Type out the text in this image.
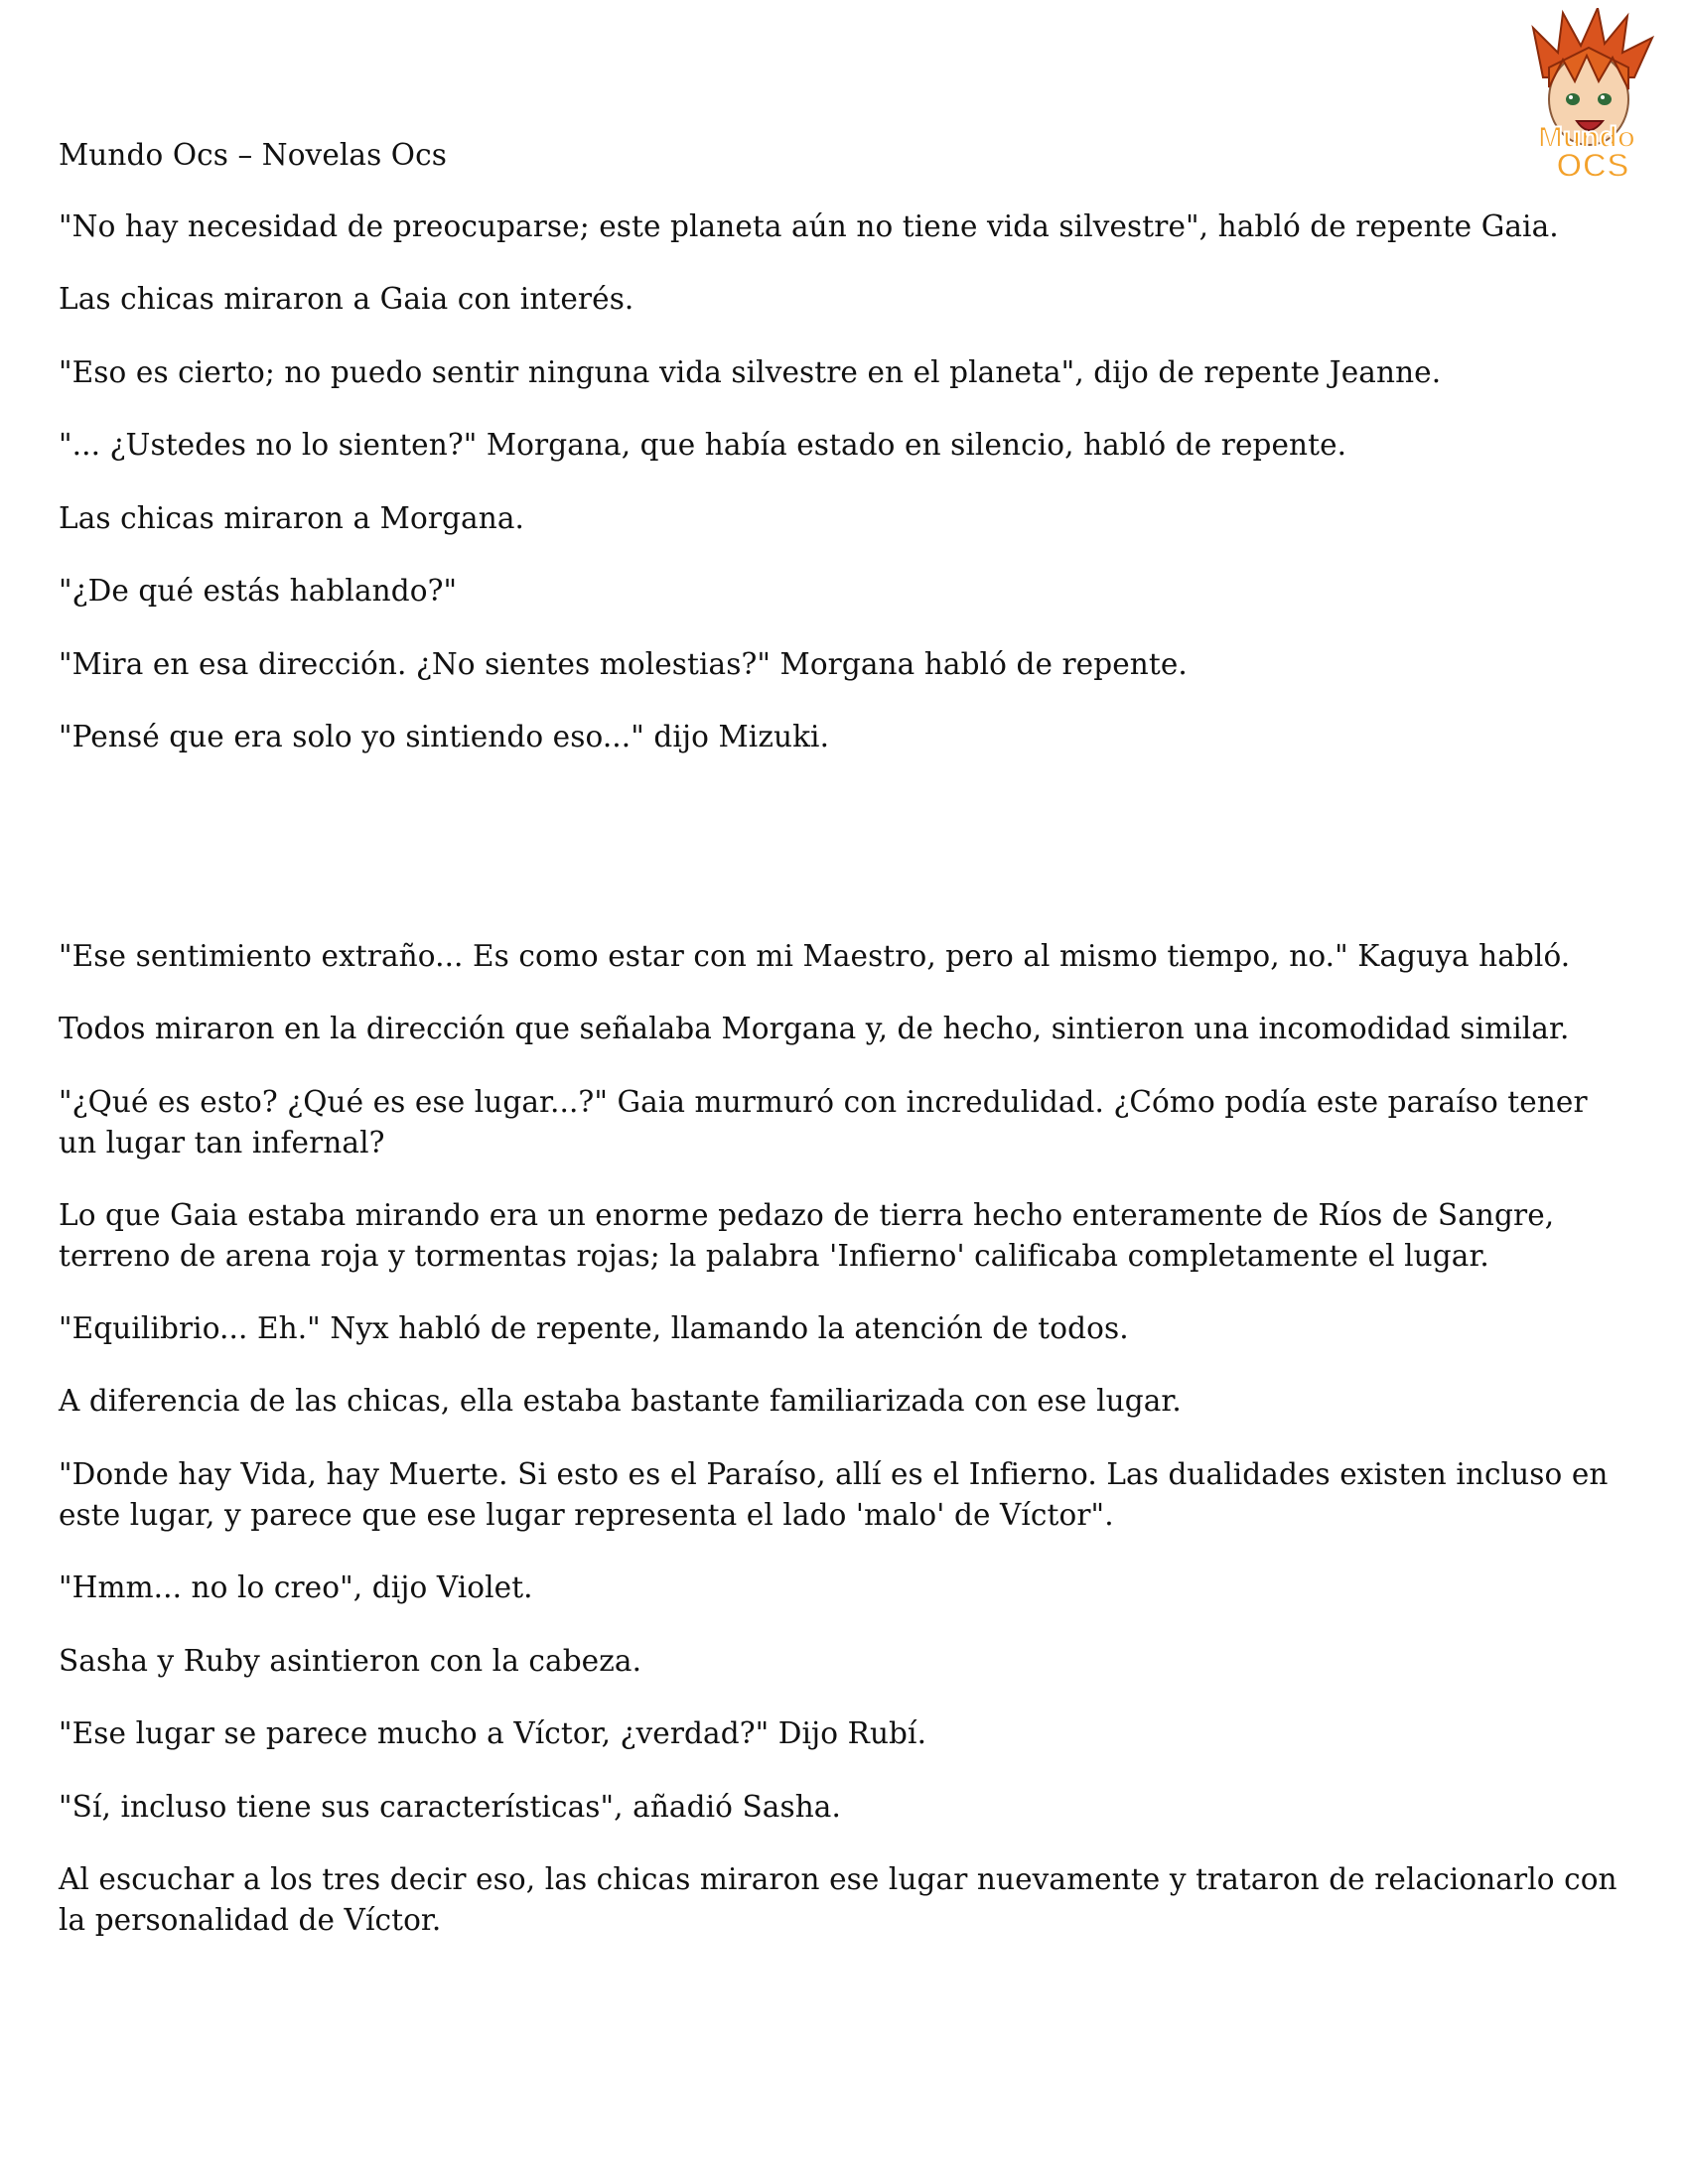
Mundo
OCS
Mundo Ocs – Novelas Ocs
"No hay necesidad de preocuparse; este planeta aún no tiene vida silvestre", habló de repente Gaia.
Las chicas miraron a Gaia con interés.
"Eso es cierto; no puedo sentir ninguna vida silvestre en el planeta", dijo de repente Jeanne.
"... ¿Ustedes no lo sienten?" Morgana, que había estado en silencio, habló de repente.
Las chicas miraron a Morgana.
"¿De qué estás hablando?"
"Mira en esa dirección. ¿No sientes molestias?" Morgana habló de repente.
"Pensé que era solo yo sintiendo eso..." dijo Mizuki.
"Ese sentimiento extraño... Es como estar con mi Maestro, pero al mismo tiempo, no." Kaguya habló.
Todos miraron en la dirección que señalaba Morgana y, de hecho, sintieron una incomodidad similar.
"¿Qué es esto? ¿Qué es ese lugar...?" Gaia murmuró con incredulidad. ¿Cómo podía este paraíso tener un lugar tan infernal?
Lo que Gaia estaba mirando era un enorme pedazo de tierra hecho enteramente de Ríos de Sangre, terreno de arena roja y tormentas rojas; la palabra 'Infierno' calificaba completamente el lugar.
"Equilibrio... Eh." Nyx habló de repente, llamando la atención de todos.
A diferencia de las chicas, ella estaba bastante familiarizada con ese lugar.
"Donde hay Vida, hay Muerte. Si esto es el Paraíso, allí es el Infierno. Las dualidades existen incluso en este lugar, y parece que ese lugar representa el lado 'malo' de Víctor".
"Hmm... no lo creo", dijo Violet.
Sasha y Ruby asintieron con la cabeza.
"Ese lugar se parece mucho a Víctor, ¿verdad?" Dijo Rubí.
"Sí, incluso tiene sus características", añadió Sasha.
Al escuchar a los tres decir eso, las chicas miraron ese lugar nuevamente y trataron de relacionarlo con la personalidad de Víctor.
